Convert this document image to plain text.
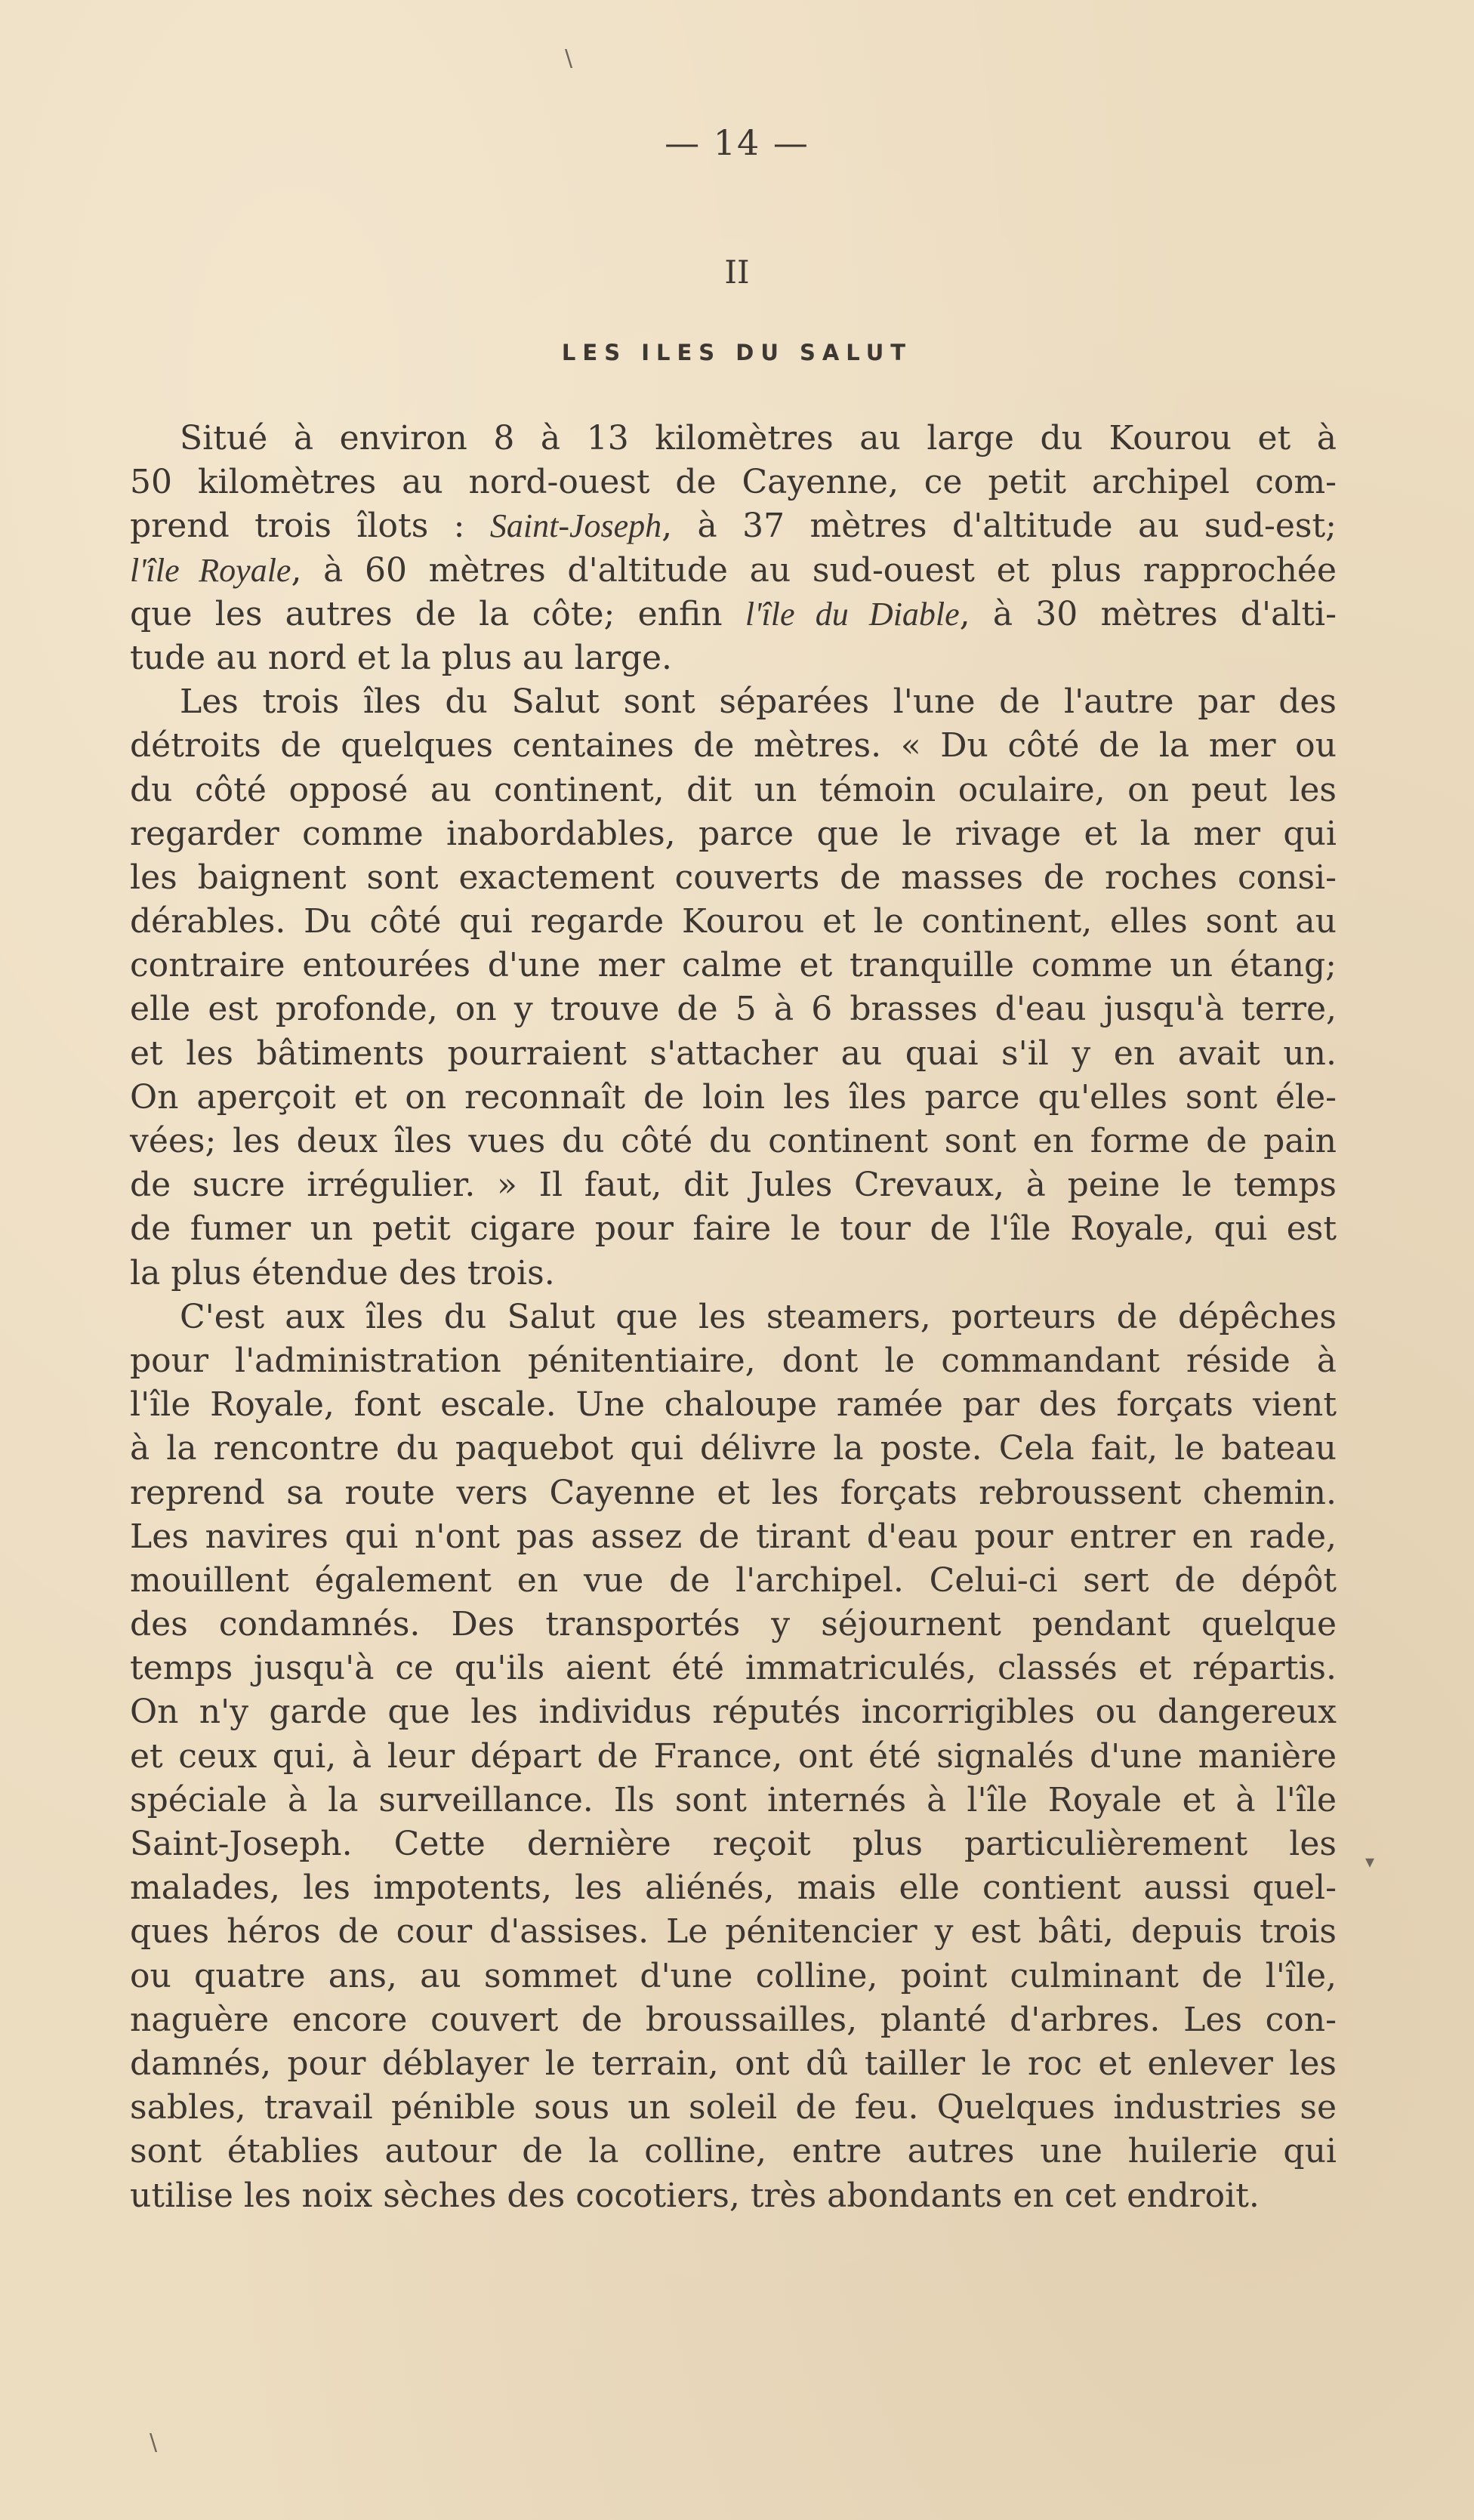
— 14 —
II
LES ILES DU SALUT
Situé à environ 8 à 13 kilomètres au large du Kourou et à
50 kilomètres au nord-ouest de Cayenne, ce petit archipel com-
prend trois îlots : Saint-Joseph, à 37 mètres d'altitude au sud-est;
l'île Royale, à 60 mètres d'altitude au sud-ouest et plus rapprochée
que les autres de la côte; enfin l'île du Diable, à 30 mètres d'alti-
tude au nord et la plus au large.
Les trois îles du Salut sont séparées l'une de l'autre par des
détroits de quelques centaines de mètres. « Du côté de la mer ou
du côté opposé au continent, dit un témoin oculaire, on peut les
regarder comme inabordables, parce que le rivage et la mer qui
les baignent sont exactement couverts de masses de roches consi-
dérables. Du côté qui regarde Kourou et le continent, elles sont au
contraire entourées d'une mer calme et tranquille comme un étang;
elle est profonde, on y trouve de 5 à 6 brasses d'eau jusqu'à terre,
et les bâtiments pourraient s'attacher au quai s'il y en avait un.
On aperçoit et on reconnaît de loin les îles parce qu'elles sont éle-
vées; les deux îles vues du côté du continent sont en forme de pain
de sucre irrégulier. » Il faut, dit Jules Crevaux, à peine le temps
de fumer un petit cigare pour faire le tour de l'île Royale, qui est
la plus étendue des trois.
C'est aux îles du Salut que les steamers, porteurs de dépêches
pour l'administration pénitentiaire, dont le commandant réside à
l'île Royale, font escale. Une chaloupe ramée par des forçats vient
à la rencontre du paquebot qui délivre la poste. Cela fait, le bateau
reprend sa route vers Cayenne et les forçats rebroussent chemin.
Les navires qui n'ont pas assez de tirant d'eau pour entrer en rade,
mouillent également en vue de l'archipel. Celui-ci sert de dépôt
des condamnés. Des transportés y séjournent pendant quelque
temps jusqu'à ce qu'ils aient été immatriculés, classés et répartis.
On n'y garde que les individus réputés incorrigibles ou dangereux
et ceux qui, à leur départ de France, ont été signalés d'une manière
spéciale à la surveillance. Ils sont internés à l'île Royale et à l'île
Saint-Joseph. Cette dernière reçoit plus particulièrement les
malades, les impotents, les aliénés, mais elle contient aussi quel-
ques héros de cour d'assises. Le pénitencier y est bâti, depuis trois
ou quatre ans, au sommet d'une colline, point culminant de l'île,
naguère encore couvert de broussailles, planté d'arbres. Les con-
damnés, pour déblayer le terrain, ont dû tailler le roc et enlever les
sables, travail pénible sous un soleil de feu. Quelques industries se
sont établies autour de la colline, entre autres une huilerie qui
utilise les noix sèches des cocotiers, très abondants en cet endroit.
\
\
▾
